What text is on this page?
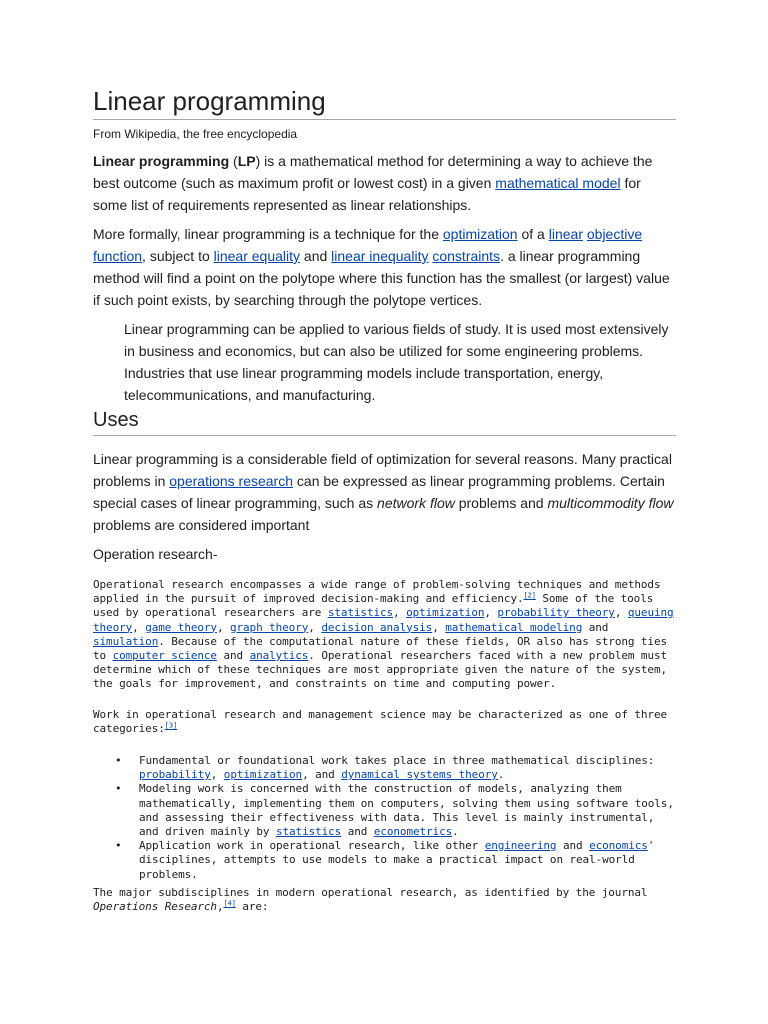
Linear programming
From Wikipedia, the free encyclopedia

Linear programming (LP) is a mathematical method for determining a way to achieve the best outcome (such as maximum profit or lowest cost) in a given mathematical model for some list of requirements represented as linear relationships.

More formally, linear programming is a technique for the optimization of a linear objective function, subject to linear equality and linear inequality constraints. a linear programming method will find a point on the polytope where this function has the smallest (or largest) value if such point exists, by searching through the polytope vertices.

Linear programming can be applied to various fields of study. It is used most extensively in business and economics, but can also be utilized for some engineering problems. Industries that use linear programming models include transportation, energy, telecommunications, and manufacturing.

Uses

Linear programming is a considerable field of optimization for several reasons. Many practical problems in operations research can be expressed as linear programming problems. Certain special cases of linear programming, such as network flow problems and multicommodity flow problems are considered important

Operation research-

Operational research encompasses a wide range of problem-solving techniques and methods applied in the pursuit of improved decision-making and efficiency.[2] Some of the tools used by operational researchers are statistics, optimization, probability theory, queuing theory, game theory, graph theory, decision analysis, mathematical modeling and simulation. Because of the computational nature of these fields, OR also has strong ties to computer science and analytics. Operational researchers faced with a new problem must determine which of these techniques are most appropriate given the nature of the system, the goals for improvement, and constraints on time and computing power.

Work in operational research and management science may be characterized as one of three categories:[3]

• Fundamental or foundational work takes place in three mathematical disciplines: probability, optimization, and dynamical systems theory.
• Modeling work is concerned with the construction of models, analyzing them mathematically, implementing them on computers, solving them using software tools, and assessing their effectiveness with data. This level is mainly instrumental, and driven mainly by statistics and econometrics.
• Application work in operational research, like other engineering and economics' disciplines, attempts to use models to make a practical impact on real-world problems.

The major subdisciplines in modern operational research, as identified by the journal Operations Research,[4] are:
